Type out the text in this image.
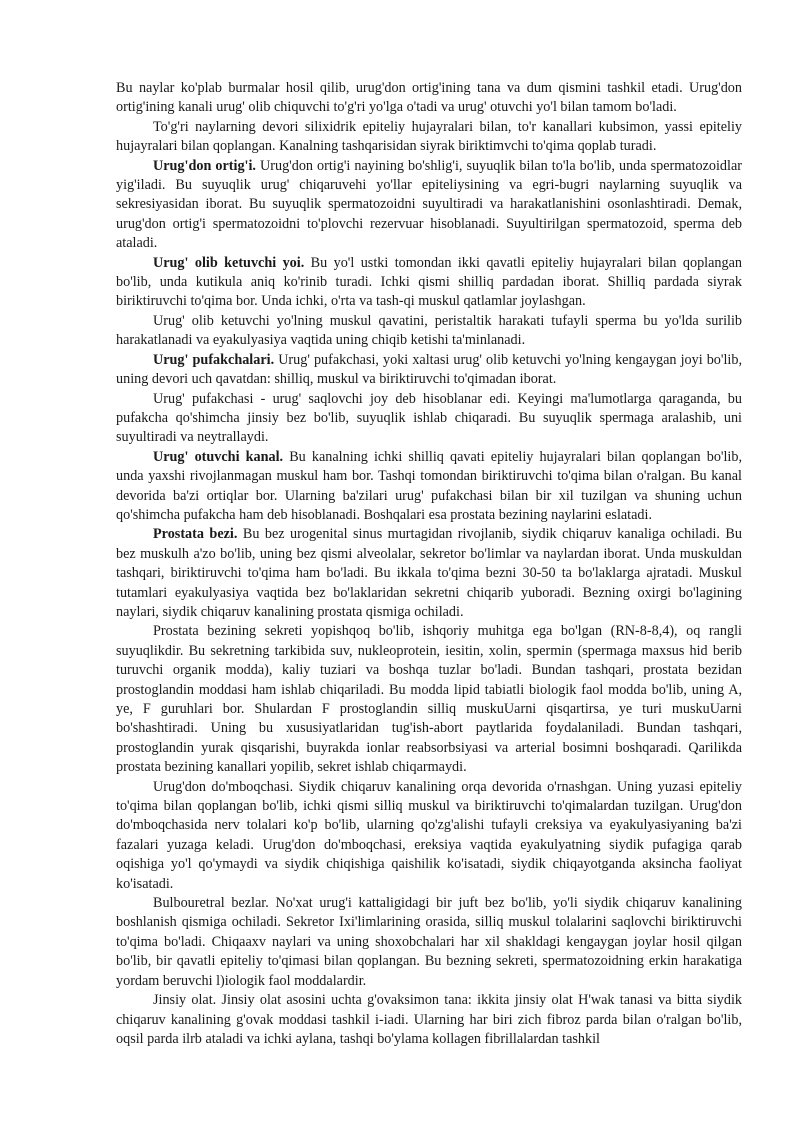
Bu naylar ko'plab burmalar hosil qilib, urug'don ortig'ining tana va dum qismini tashkil etadi. Urug'don ortig'ining kanali urug' olib chiquvchi to'g'ri yo'lga o'tadi va urug' otuvchi yo'l bilan tamom bo'ladi.

To'g'ri naylarning devori silixidrik epiteliy hujayralari bilan, to'r kanallari kubsimon, yassi epiteliy hujayralari bilan qoplangan. Kanalning tashqarisidan siyrak biriktimvchi to'qima qoplab turadi.

Urug'don ortig'i. Urug'don ortig'i nayining bo'shlig'i, suyuqlik bilan to'la bo'lib, unda spermatozoidlar yig'iladi. Bu suyuqlik urug' chiqaruvehi yo'llar epiteliysining va egri-bugri naylarning suyuqlik va sekresiyasidan iborat. Bu suyuqlik spermatozoidni suyultiradi va harakatlanishini osonlashtiradi. Demak, urug'don ortig'i spermatozoidni to'plovchi rezervuar hisoblanadi. Suyultirilgan spermatozoid, sperma deb ataladi.

Urug' olib ketuvchi yoi. Bu yo'l ustki tomondan ikki qavatli epiteliy hujayralari bilan qoplangan bo'lib, unda kutikula aniq ko'rinib turadi. Ichki qismi shilliq pardadan iborat. Shilliq pardada siyrak biriktiruvchi to'qima bor. Unda ichki, o'rta va tash-qi muskul qatlamlar joylashgan.

Urug' olib ketuvchi yo'lning muskul qavatini, peristaltik harakati tufayli sperma bu yo'lda surilib harakatlanadi va eyakulyasiya vaqtida uning chiqib ketishi ta'minlanadi.

Urug' pufakchalari. Urug' pufakchasi, yoki xaltasi urug' olib ketuvchi yo'lning kengaygan joyi bo'lib, uning devori uch qavatdan: shilliq, muskul va biriktiruvchi to'qimadan iborat.

Urug' pufakchasi - urug' saqlovchi joy deb hisoblanar edi. Keyingi ma'lumotlarga qaraganda, bu pufakcha qo'shimcha jinsiy bez bo'lib, suyuqlik ishlab chiqaradi. Bu suyuqlik spermaga aralashib, uni suyultiradi va neytrallaydi.

Urug' otuvchi kanal. Bu kanalning ichki shilliq qavati epiteliy hujayralari bilan qoplangan bo'lib, unda yaxshi rivojlanmagan muskul ham bor. Tashqi tomondan biriktiruvchi to'qima bilan o'ralgan. Bu kanal devorida ba'zi ortiqlar bor. Ularning ba'zilari urug' pufakchasi bilan bir xil tuzilgan va shuning uchun qo'shimcha pufakcha ham deb hisoblanadi. Boshqalari esa prostata bezining naylarini eslatadi.

Prostata bezi. Bu bez urogenital sinus murtagidan rivojlanib, siydik chiqaruv kanaliga ochiladi. Bu bez muskulh a'zo bo'lib, uning bez qismi alveolalar, sekretor bo'limlar va naylardan iborat. Unda muskuldan tashqari, biriktiruvchi to'qima ham bo'ladi. Bu ikkala to'qima bezni 30-50 ta bo'laklarga ajratadi. Muskul tutamlari eyakulyasiya vaqtida bez bo'laklaridan sekretni chiqarib yuboradi. Bezning oxirgi bo'lagining naylari, siydik chiqaruv kanalining prostata qismiga ochiladi.

Prostata bezining sekreti yopishqoq bo'lib, ishqoriy muhitga ega bo'lgan (RN-8-8,4), oq rangli suyuqlikdir. Bu sekretning tarkibida suv, nukleoprotein, iesitin, xolin, spermin (spermaga maxsus hid berib turuvchi organik modda), kaliy tuziari va boshqa tuzlar bo'ladi. Bundan tashqari, prostata bezidan prostoglandin moddasi ham ishlab chiqariladi. Bu modda lipid tabiatli biologik faol modda bo'lib, uning A, ye, F guruhlari bor. Shulardan F prostoglandin silliq muskuUarni qisqartirsa, ye turi muskuUarni bo'shashtiradi. Uning bu xususiyatlaridan tug'ish-abort paytlarida foydalaniladi. Bundan tashqari, prostoglandin yurak qisqarishi, buyrakda ionlar reabsorbsiyasi va arterial bosimni boshqaradi. Qarilikda prostata bezining kanallari yopilib, sekret ishlab chiqarmaydi.

Urug'don do'mboqchasi. Siydik chiqaruv kanalining orqa devorida o'rnashgan. Uning yuzasi epiteliy to'qima bilan qoplangan bo'lib, ichki qismi silliq muskul va biriktiruvchi to'qimalardan tuzilgan. Urug'don do'mboqchasida nerv tolalari ko'p bo'lib, ularning qo'zg'alishi tufayli creksiya va eyakulyasiyaning ba'zi fazalari yuzaga keladi. Urug'don do'mboqchasi, ereksiya vaqtida eyakulyatning siydik pufagiga qarab oqishiga yo'l qo'ymaydi va siydik chiqishiga qaishilik ko'isatadi, siydik chiqayotganda aksincha faoliyat ko'isatadi.

Bulbouretral bezlar. No'xat urug'i kattaligidagi bir juft bez bo'lib, yo'li siydik chiqaruv kanalining boshlanish qismiga ochiladi. Sekretor Ixi'limlarining orasida, silliq muskul tolalarini saqlovchi biriktiruvchi to'qima bo'ladi. Chiqaaxv naylari va uning shoxobchalari har xil shakldagi kengaygan joylar hosil qilgan bo'lib, bir qavatli epiteliy to'qimasi bilan qoplangan. Bu bezning sekreti, spermatozoidning erkin harakatiga yordam beruvchi l)iologik faol moddalardir.

Jinsiy olat. Jinsiy olat asosini uchta g'ovaksimon tana: ikkita jinsiy olat H'wak tanasi va bitta siydik chiqaruv kanalining g'ovak moddasi tashkil i-iadi. Ularning har biri zich fibroz parda bilan o'ralgan bo'lib, oqsil parda ilrb ataladi va ichki aylana, tashqi bo'ylama kollagen fibrillalardan tashkil
